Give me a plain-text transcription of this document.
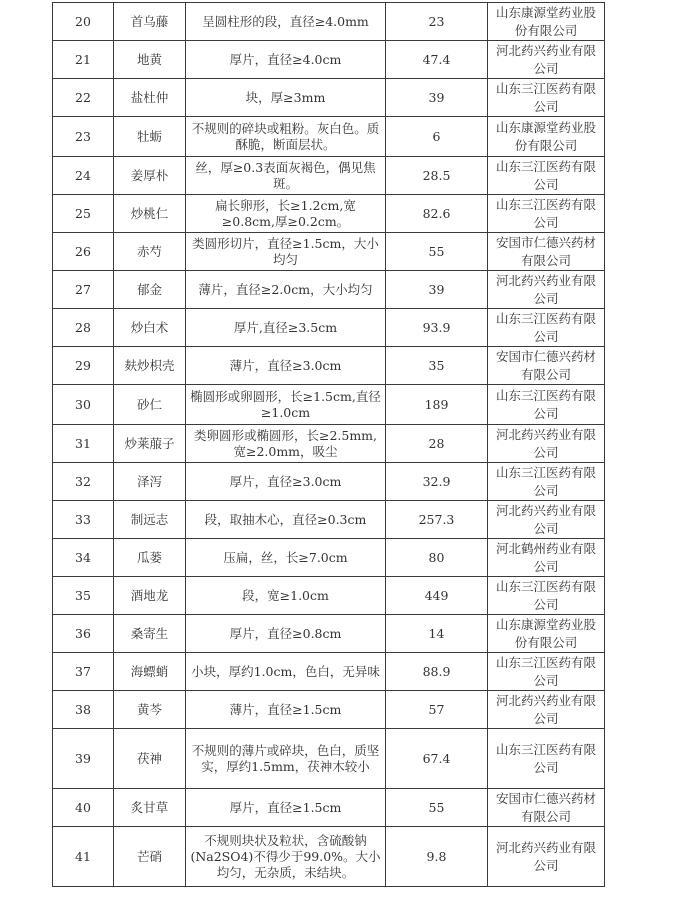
20	首乌藤	呈圆柱形的段，直径≥4.0mm	23	山东康源堂药业股份有限公司
21	地黄	厚片，直径≥4.0cm	47.4	河北药兴药业有限公司
22	盐杜仲	块，厚≥3mm	39	山东三江医药有限公司
23	牡蛎	不规则的碎块或粗粉。灰白色。质酥脆，断面层状。	6	山东康源堂药业股份有限公司
24	姜厚朴	丝，厚≥0.3表面灰褐色，偶见焦斑。	28.5	山东三江医药有限公司
25	炒桃仁	扁长卵形，长≥1.2cm,宽≥0.8cm,厚≥0.2cm。	82.6	山东三江医药有限公司
26	赤芍	类圆形切片，直径≥1.5cm，大小均匀	55	安国市仁德兴药材有限公司
27	郁金	薄片，直径≥2.0cm，大小均匀	39	河北药兴药业有限公司
28	炒白术	厚片,直径≥3.5cm	93.9	山东三江医药有限公司
29	麸炒枳壳	薄片，直径≥3.0cm	35	安国市仁德兴药材有限公司
30	砂仁	椭圆形或卵圆形，长≥1.5cm,直径≥1.0cm	189	山东三江医药有限公司
31	炒莱菔子	类卵圆形或椭圆形，长≥2.5mm,宽≥2.0mm，吸尘	28	河北药兴药业有限公司
32	泽泻	厚片，直径≥3.0cm	32.9	山东三江医药有限公司
33	制远志	段，取抽木心，直径≥0.3cm	257.3	河北药兴药业有限公司
34	瓜蒌	压扁，丝，长≥7.0cm	80	河北鹤州药业有限公司
35	酒地龙	段，宽≥1.0cm	449	山东三江医药有限公司
36	桑寄生	厚片，直径≥0.8cm	14	山东康源堂药业股份有限公司
37	海螵蛸	小块，厚约1.0cm，色白，无异味	88.9	山东三江医药有限公司
38	黄芩	薄片，直径≥1.5cm	57	河北药兴药业有限公司
39	茯神	不规则的薄片或碎块，色白，质坚实，厚约1.5mm，茯神木较小	67.4	山东三江医药有限公司
40	炙甘草	厚片，直径≥1.5cm	55	安国市仁德兴药材有限公司
41	芒硝	不规则块状及粒状，含硫酸钠(Na2SO4)不得少于99.0%。大小均匀，无杂质，未结块。	9.8	河北药兴药业有限公司
